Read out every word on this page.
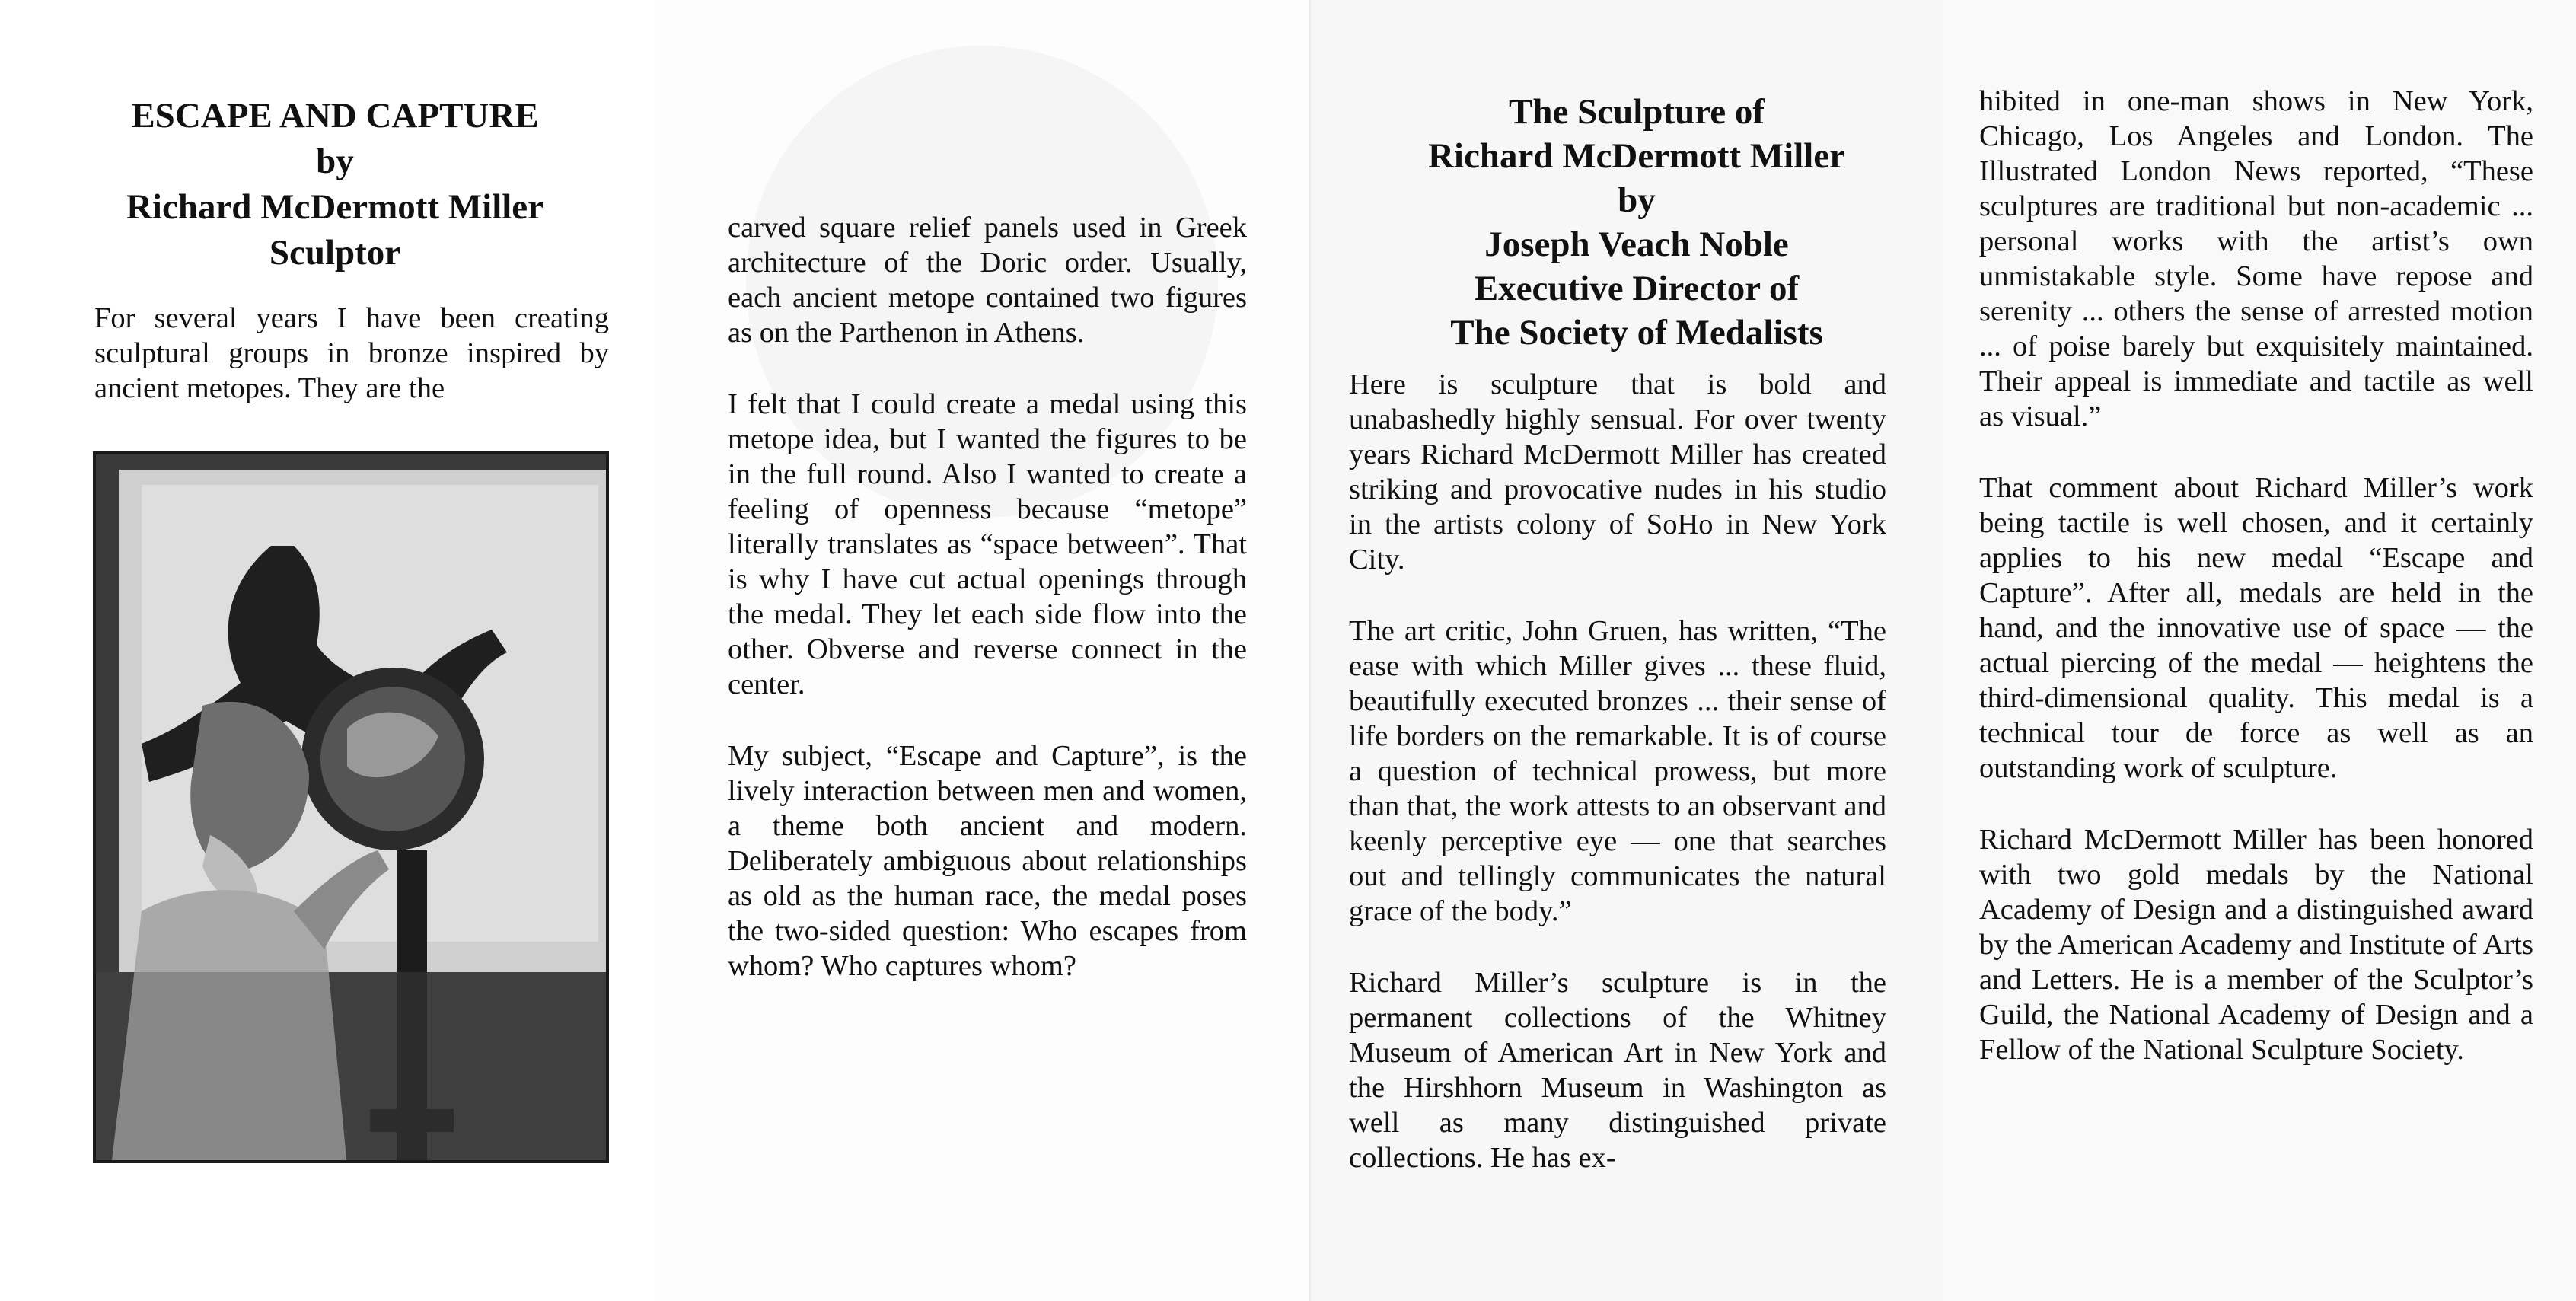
ESCAPE AND CAPTURE
by
Richard McDermott Miller
Sculptor

For several years I have been creating sculptural groups in bronze inspired by ancient metopes. They are the

carved square relief panels used in Greek architecture of the Doric order. Usually, each ancient metope contained two figures as on the Parthenon in Athens.

I felt that I could create a medal using this metope idea, but I wanted the figures to be in the full round. Also I wanted to create a feeling of openness because “metope” literally translates as “space between”. That is why I have cut actual openings through the medal. They let each side flow into the other. Obverse and reverse connect in the center.

My subject, “Escape and Capture”, is the lively interaction between men and women, a theme both ancient and modern. Deliberately ambiguous about relationships as old as the human race, the medal poses the two-sided question: Who escapes from whom? Who captures whom?

The Sculpture of
Richard McDermott Miller
by
Joseph Veach Noble
Executive Director of
The Society of Medalists

Here is sculpture that is bold and unabashedly highly sensual. For over twenty years Richard McDermott Miller has created striking and provocative nudes in his studio in the artists colony of SoHo in New York City.

The art critic, John Gruen, has written, “The ease with which Miller gives ... these fluid, beautifully executed bronzes ... their sense of life borders on the remarkable. It is of course a question of technical prowess, but more than that, the work attests to an observant and keenly perceptive eye — one that searches out and tellingly communicates the natural grace of the body.”

Richard Miller’s sculpture is in the permanent collections of the Whitney Museum of American Art in New York and the Hirshhorn Museum in Washington as well as many distinguished private collections. He has ex-

hibited in one-man shows in New York, Chicago, Los Angeles and London. The Illustrated London News reported, “These sculptures are traditional but non-academic ... personal works with the artist’s own unmistakable style. Some have repose and serenity ... others the sense of arrested motion ... of poise barely but exquisitely maintained. Their appeal is immediate and tactile as well as visual.”

That comment about Richard Miller’s work being tactile is well chosen, and it certainly applies to his new medal “Escape and Capture”. After all, medals are held in the hand, and the innovative use of space — the actual piercing of the medal — heightens the third-dimensional quality. This medal is a technical tour de force as well as an outstanding work of sculpture.

Richard McDermott Miller has been honored with two gold medals by the National Academy of Design and a distinguished award by the American Academy and Institute of Arts and Letters. He is a member of the Sculptor’s Guild, the National Academy of Design and a Fellow of the National Sculpture Society.
